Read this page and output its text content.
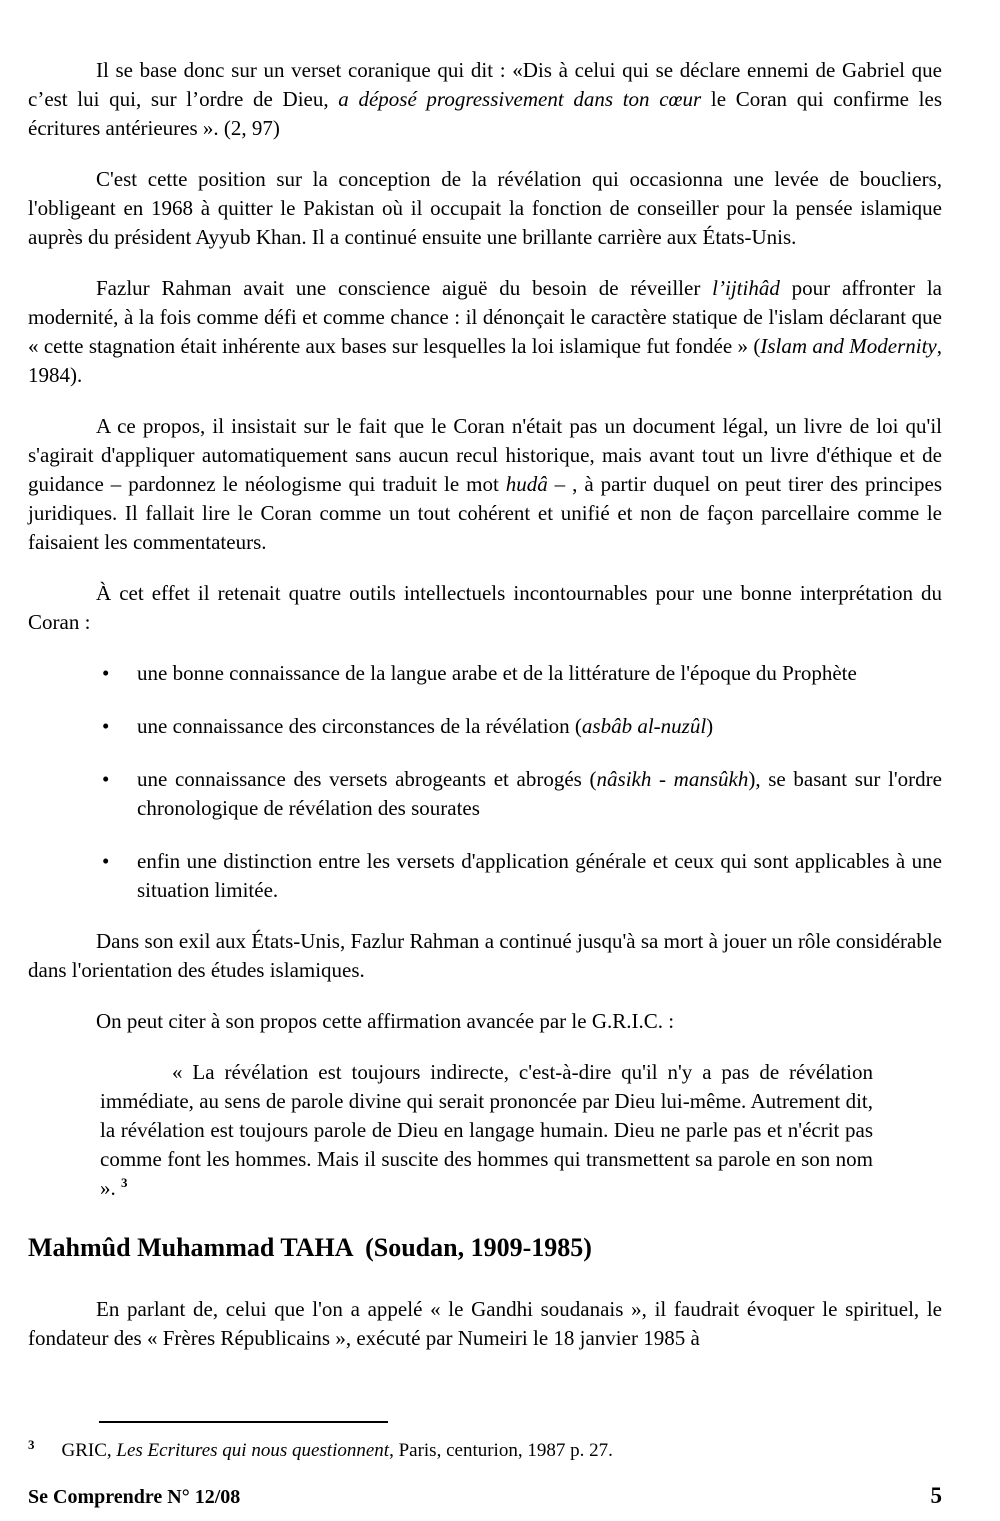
Il se base donc sur un verset coranique qui dit : «Dis à celui qui se déclare ennemi de Gabriel que c’est lui qui, sur l’ordre de Dieu, a déposé progressivement dans ton cœur le Coran qui confirme les écritures antérieures ». (2, 97)

C'est cette position sur la conception de la révélation qui occasionna une levée de boucliers, l'obligeant en 1968 à quitter le Pakistan où il occupait la fonction de conseiller pour la pensée islamique auprès du président Ayyub Khan. Il a continué ensuite une brillante carrière aux États-Unis.

Fazlur Rahman avait une conscience aiguë du besoin de réveiller l’ijtihâd pour affronter la modernité, à la fois comme défi et comme chance : il dénonçait le caractère statique de l'islam déclarant que « cette stagnation était inhérente aux bases sur lesquelles la loi islamique fut fondée » (Islam and Modernity, 1984).

A ce propos, il insistait sur le fait que le Coran n'était pas un document légal, un livre de loi qu'il s'agirait d'appliquer automatiquement sans aucun recul historique, mais avant tout un livre d'éthique et de guidance – pardonnez le néologisme qui traduit le mot hudâ – , à partir duquel on peut tirer des principes juridiques. Il fallait lire le Coran comme un tout cohérent et unifié et non de façon parcellaire comme le faisaient les commentateurs.

À cet effet il retenait quatre outils intellectuels incontournables pour une bonne interprétation du Coran :

• une bonne connaissance de la langue arabe et de la littérature de l'époque du Prophète
• une connaissance des circonstances de la révélation (asbâb al-nuzûl)
• une connaissance des versets abrogeants et abrogés (nâsikh - mansûkh), se basant sur l'ordre chronologique de révélation des sourates
• enfin une distinction entre les versets d'application générale et ceux qui sont applicables à une situation limitée.

Dans son exil aux États-Unis, Fazlur Rahman a continué jusqu'à sa mort à jouer un rôle considérable dans l'orientation des études islamiques.

On peut citer à son propos cette affirmation avancée par le G.R.I.C. :

« La révélation est toujours indirecte, c'est-à-dire qu'il n'y a pas de révélation immédiate, au sens de parole divine qui serait prononcée par Dieu lui-même. Autrement dit, la révélation est toujours parole de Dieu en langage humain. Dieu ne parle pas et n'écrit pas comme font les hommes. Mais il suscite des hommes qui transmettent sa parole en son nom ». $^3$
Mahmûd Muhammad TAHA  (Soudan, 1909-1985)

En parlant de, celui que l'on a appelé « le Gandhi soudanais », il faudrait évoquer le spirituel, le fondateur des « Frères Républicains », exécuté par Numeiri le 18 janvier 1985 à

$^3$ GRIC, Les Ecritures qui nous questionnent, Paris, centurion, 1987 p. 27.
Se Comprendre N° 12/08	5
